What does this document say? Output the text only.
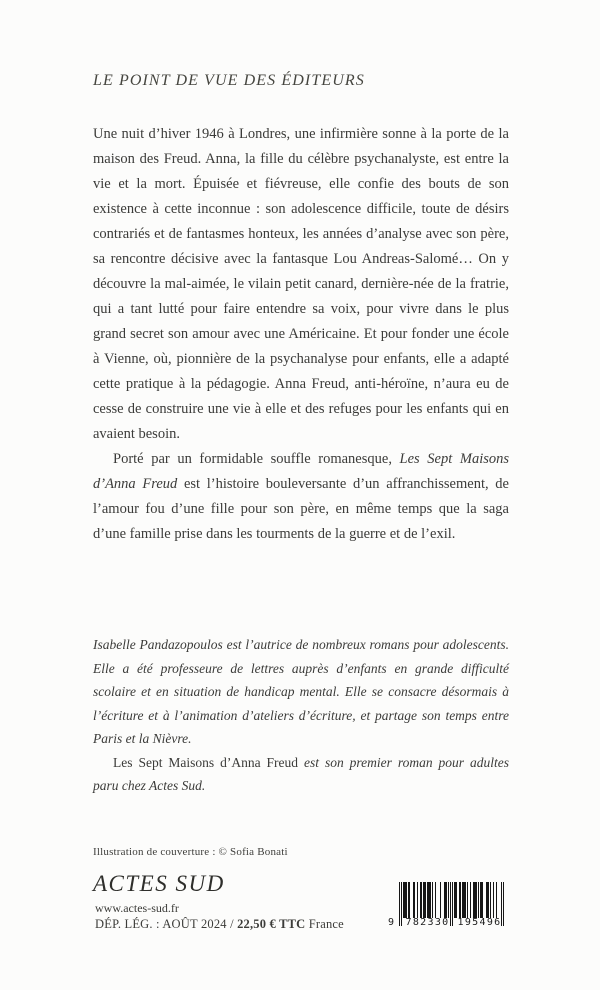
LE POINT DE VUE DES ÉDITEURS

Une nuit d’hiver 1946 à Londres, une infirmière sonne à la porte de la maison des Freud. Anna, la fille du célèbre psychanalyste, est entre la vie et la mort. Épuisée et fiévreuse, elle confie des bouts de son existence à cette inconnue : son adolescence difficile, toute de désirs contrariés et de fantasmes honteux, les années d’analyse avec son père, sa rencontre décisive avec la fantasque Lou Andreas-Salomé… On y découvre la mal-aimée, le vilain petit canard, dernière-née de la fratrie, qui a tant lutté pour faire entendre sa voix, pour vivre dans le plus grand secret son amour avec une Américaine. Et pour fonder une école à Vienne, où, pionnière de la psychanalyse pour enfants, elle a adapté cette pratique à la pédagogie. Anna Freud, anti-héroïne, n’aura eu de cesse de construire une vie à elle et des refuges pour les enfants qui en avaient besoin.

Porté par un formidable souffle romanesque, Les Sept Maisons d’Anna Freud est l’histoire bouleversante d’un affranchissement, de l’amour fou d’une fille pour son père, en même temps que la saga d’une famille prise dans les tourments de la guerre et de l’exil.

Isabelle Pandazopoulos est l’autrice de nombreux romans pour adolescents. Elle a été professeure de lettres auprès d’enfants en grande difficulté scolaire et en situation de handicap mental. Elle se consacre désormais à l’écriture et à l’animation d’ateliers d’écriture, et partage son temps entre Paris et la Nièvre.

Les Sept Maisons d’Anna Freud est son premier roman pour adultes paru chez Actes Sud.

Illustration de couverture : © Sofia Bonati
ACTES SUD
www.actes-sud.fr
DÉP. LÉG. : AOÛT 2024 / 22,50 € TTC France	9 782330 195496
